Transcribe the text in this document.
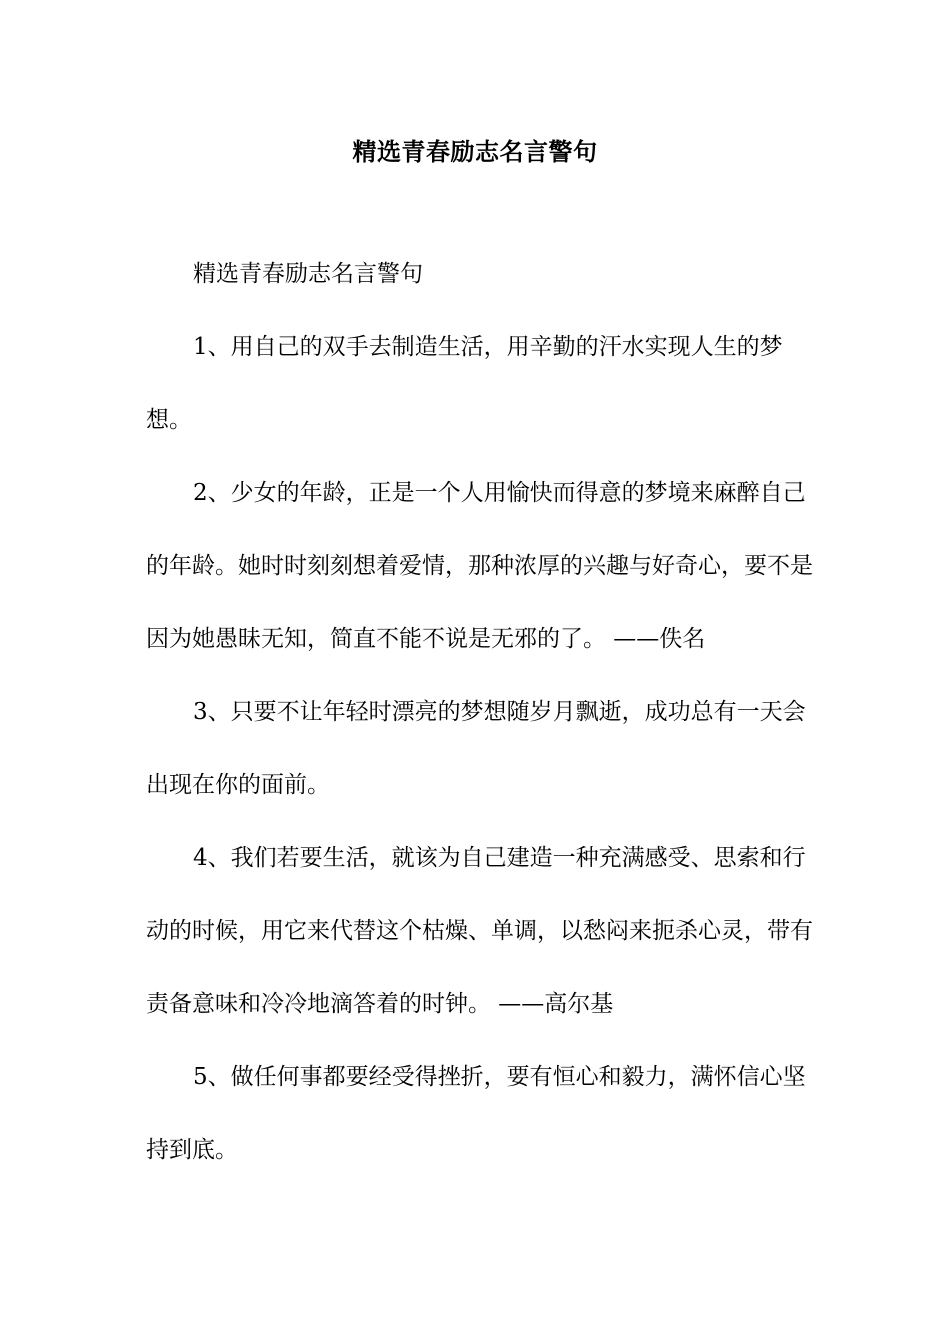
精选青春励志名言警句

精选青春励志名言警句

1、用自己的双手去制造生活，用辛勤的汗水实现人生的梦想。

2、少女的年龄，正是一个人用愉快而得意的梦境来麻醉自己的年龄。她时时刻刻想着爱情，那种浓厚的兴趣与好奇心，要不是因为她愚昧无知，简直不能不说是无邪的了。 ——佚名

3、只要不让年轻时漂亮的梦想随岁月飘逝，成功总有一天会出现在你的面前。

4、我们若要生活，就该为自己建造一种充满感受、思索和行动的时候，用它来代替这个枯燥、单调，以愁闷来扼杀心灵，带有责备意味和冷冷地滴答着的时钟。 ——高尔基

5、做任何事都要经受得挫折，要有恒心和毅力，满怀信心坚持到底。
